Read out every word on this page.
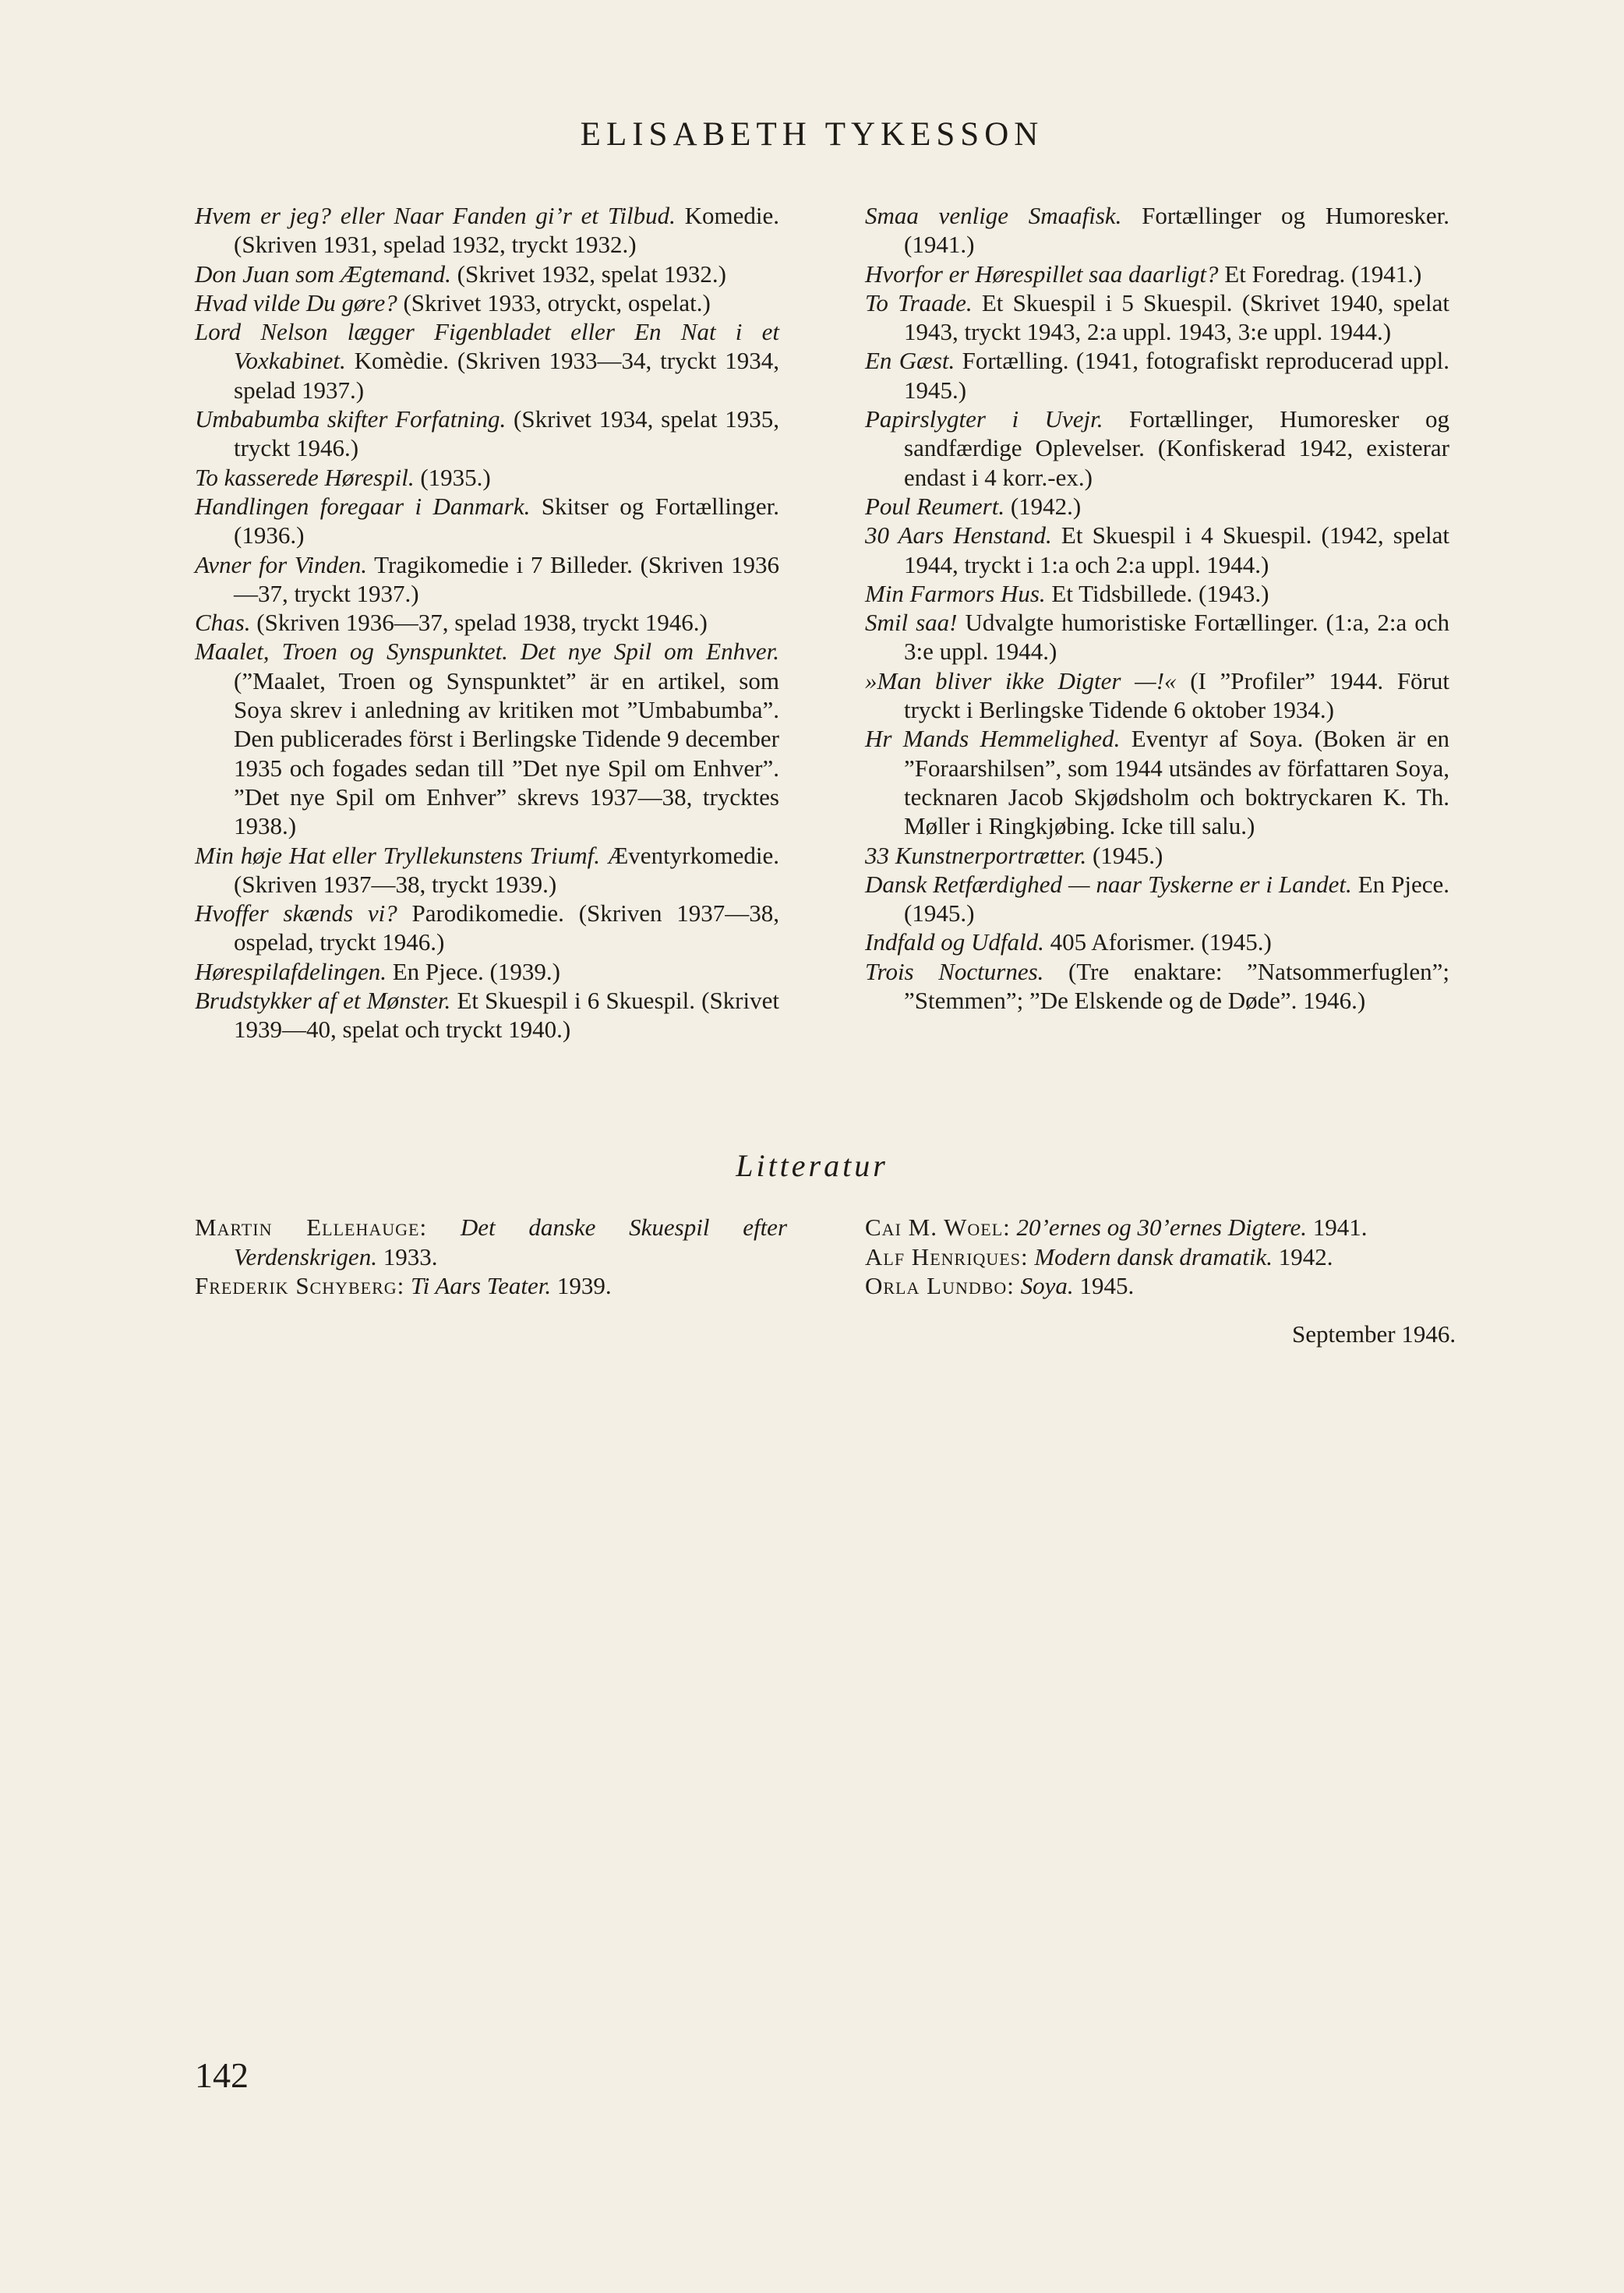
ELISABETH TYKESSON
Hvem er jeg? eller Naar Fanden gi’r et Tilbud. Komedie. (Skriven 1931, spelad 1932, tryckt 1932.)
Don Juan som Ægtemand. (Skrivet 1932, spelat 1932.)
Hvad vilde Du gøre? (Skrivet 1933, otryckt, ospelat.)
Lord Nelson lægger Figenbladet eller En Nat i et Voxkabinet. Komèdie. (Skriven 1933—34, tryckt 1934, spelad 1937.)
Umbabumba skifter Forfatning. (Skrivet 1934, spelat 1935, tryckt 1946.)
To kasserede Hørespil. (1935.)
Handlingen foregaar i Danmark. Skitser og Fortællinger. (1936.)
Avner for Vinden. Tragikomedie i 7 Billeder. (Skriven 1936—37, tryckt 1937.)
Chas. (Skriven 1936—37, spelad 1938, tryckt 1946.)
Maalet, Troen og Synspunktet. Det nye Spil om Enhver. (”Maalet, Troen og Synspunktet” är en artikel, som Soya skrev i anledning av kritiken mot ”Umbabumba”. Den publicerades först i Berlingske Tidende 9 december 1935 och fogades sedan till ”Det nye Spil om Enhver”. ”Det nye Spil om Enhver” skrevs 1937—38, trycktes 1938.)
Min høje Hat eller Tryllekunstens Triumf. Æventyrkomedie. (Skriven 1937—38, tryckt 1939.)
Hvoffer skænds vi? Parodikomedie. (Skriven 1937—38, ospelad, tryckt 1946.)
Hørespilafdelingen. En Pjece. (1939.)
Brudstykker af et Mønster. Et Skuespil i 6 Skuespil. (Skrivet 1939—40, spelat och tryckt 1940.)
Smaa venlige Smaafisk. Fortællinger og Humoresker. (1941.)
Hvorfor er Hørespillet saa daarligt? Et Foredrag. (1941.)
To Traade. Et Skuespil i 5 Skuespil. (Skrivet 1940, spelat 1943, tryckt 1943, 2:a uppl. 1943, 3:e uppl. 1944.)
En Gæst. Fortælling. (1941, fotografiskt reproducerad uppl. 1945.)
Papirslygter i Uvejr. Fortællinger, Humoresker og sandfærdige Oplevelser. (Konfiskerad 1942, existerar endast i 4 korr.-ex.)
Poul Reumert. (1942.)
30 Aars Henstand. Et Skuespil i 4 Skuespil. (1942, spelat 1944, tryckt i 1:a och 2:a uppl. 1944.)
Min Farmors Hus. Et Tidsbillede. (1943.)
Smil saa! Udvalgte humoristiske Fortællinger. (1:a, 2:a och 3:e uppl. 1944.)
»Man bliver ikke Digter —!« (I ”Profiler” 1944. Förut tryckt i Berlingske Tidende 6 oktober 1934.)
Hr Mands Hemmelighed. Eventyr af Soya. (Boken är en ”Foraarshilsen”, som 1944 utsändes av författaren Soya, tecknaren Jacob Skjødsholm och boktryckaren K. Th. Møller i Ringkjøbing. Icke till salu.)
33 Kunstnerportrætter. (1945.)
Dansk Retfærdighed — naar Tyskerne er i Landet. En Pjece. (1945.)
Indfald og Udfald. 405 Aforismer. (1945.)
Trois Nocturnes. (Tre enaktare: ”Natsommerfuglen”; ”Stemmen”; ”De Elskende og de Døde”. 1946.)
Litteratur
Martin Ellehauge: Det danske Skuespil efter Verdenskrigen. 1933.
Frederik Schyberg: Ti Aars Teater. 1939.
Cai M. Woel: 20’ernes og 30’ernes Digtere. 1941.
Alf Henriques: Modern dansk dramatik. 1942.
Orla Lundbo: Soya. 1945.
September 1946.
142
